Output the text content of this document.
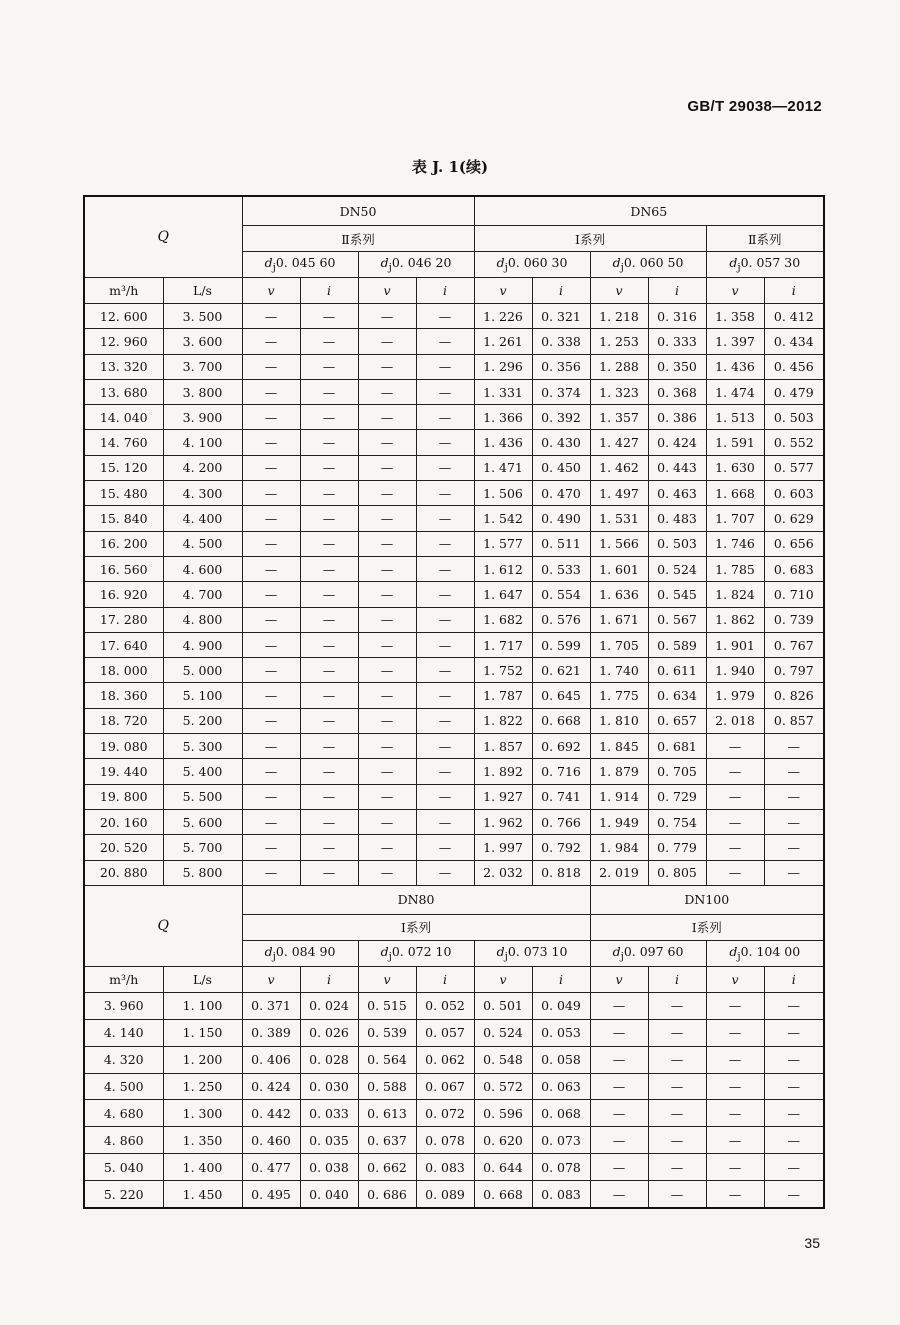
GB/T 29038—2012
表 J. 1(续)
Q		DN50				DN65					
		Ⅱ系列				Ⅰ系列				Ⅱ系列	
		$d_j0$. 045 60		$d_j0$. 046 20		$d_j0$. 060 30		$d_j0$. 060 50		$d_j0$. 057 30	
m³/h	L/s	v	i	v	i	v	i	v	i	v	i
12. 600	3. 500	—	—	—	—	1. 226	0. 321	1. 218	0. 316	1. 358	0. 412
12. 960	3. 600	—	—	—	—	1. 261	0. 338	1. 253	0. 333	1. 397	0. 434
13. 320	3. 700	—	—	—	—	1. 296	0. 356	1. 288	0. 350	1. 436	0. 456
13. 680	3. 800	—	—	—	—	1. 331	0. 374	1. 323	0. 368	1. 474	0. 479
14. 040	3. 900	—	—	—	—	1. 366	0. 392	1. 357	0. 386	1. 513	0. 503
14. 760	4. 100	—	—	—	—	1. 436	0. 430	1. 427	0. 424	1. 591	0. 552
15. 120	4. 200	—	—	—	—	1. 471	0. 450	1. 462	0. 443	1. 630	0. 577
15. 480	4. 300	—	—	—	—	1. 506	0. 470	1. 497	0. 463	1. 668	0. 603
15. 840	4. 400	—	—	—	—	1. 542	0. 490	1. 531	0. 483	1. 707	0. 629
16. 200	4. 500	—	—	—	—	1. 577	0. 511	1. 566	0. 503	1. 746	0. 656
16. 560	4. 600	—	—	—	—	1. 612	0. 533	1. 601	0. 524	1. 785	0. 683
16. 920	4. 700	—	—	—	—	1. 647	0. 554	1. 636	0. 545	1. 824	0. 710
17. 280	4. 800	—	—	—	—	1. 682	0. 576	1. 671	0. 567	1. 862	0. 739
17. 640	4. 900	—	—	—	—	1. 717	0. 599	1. 705	0. 589	1. 901	0. 767
18. 000	5. 000	—	—	—	—	1. 752	0. 621	1. 740	0. 611	1. 940	0. 797
18. 360	5. 100	—	—	—	—	1. 787	0. 645	1. 775	0. 634	1. 979	0. 826
18. 720	5. 200	—	—	—	—	1. 822	0. 668	1. 810	0. 657	2. 018	0. 857
19. 080	5. 300	—	—	—	—	1. 857	0. 692	1. 845	0. 681	—	—
19. 440	5. 400	—	—	—	—	1. 892	0. 716	1. 879	0. 705	—	—
19. 800	5. 500	—	—	—	—	1. 927	0. 741	1. 914	0. 729	—	—
20. 160	5. 600	—	—	—	—	1. 962	0. 766	1. 949	0. 754	—	—
20. 520	5. 700	—	—	—	—	1. 997	0. 792	1. 984	0. 779	—	—
20. 880	5. 800	—	—	—	—	2. 032	0. 818	2. 019	0. 805	—	—
Q		DN80						DN100			
		Ⅰ系列						Ⅰ系列			
		$d_j0$. 084 90		$d_j0$. 072 10		$d_j0$. 073 10		$d_j0$. 097 60		$d_j0$. 104 00	
m³/h	L/s	v	i	v	i	v	i	v	i	v	i
3. 960	1. 100	0. 371	0. 024	0. 515	0. 052	0. 501	0. 049	—	—	—	—
4. 140	1. 150	0. 389	0. 026	0. 539	0. 057	0. 524	0. 053	—	—	—	—
4. 320	1. 200	0. 406	0. 028	0. 564	0. 062	0. 548	0. 058	—	—	—	—
4. 500	1. 250	0. 424	0. 030	0. 588	0. 067	0. 572	0. 063	—	—	—	—
4. 680	1. 300	0. 442	0. 033	0. 613	0. 072	0. 596	0. 068	—	—	—	—
4. 860	1. 350	0. 460	0. 035	0. 637	0. 078	0. 620	0. 073	—	—	—	—
5. 040	1. 400	0. 477	0. 038	0. 662	0. 083	0. 644	0. 078	—	—	—	—
5. 220	1. 450	0. 495	0. 040	0. 686	0. 089	0. 668	0. 083	—	—	—	—
35
